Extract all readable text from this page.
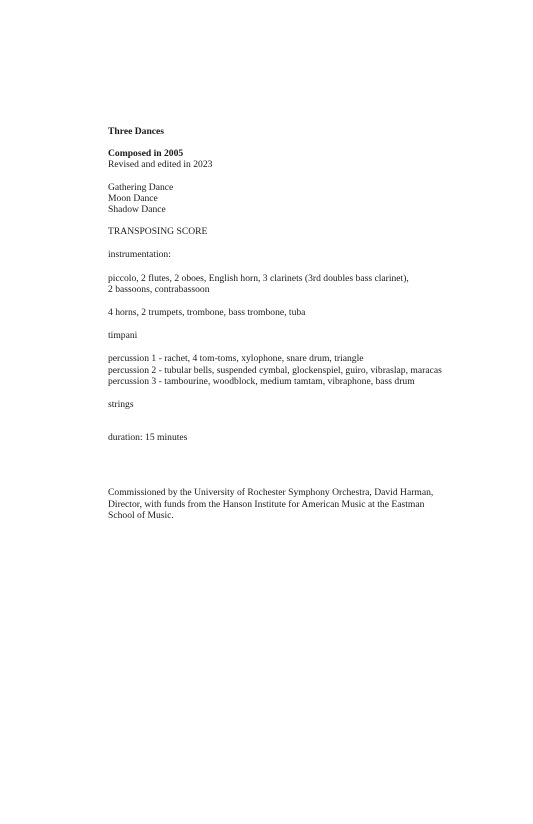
Three Dances
Composed in 2005
Revised and edited in 2023
Gathering Dance
Moon Dance
Shadow Dance
TRANSPOSING SCORE
instrumentation:
piccolo, 2 flutes, 2 oboes, English horn, 3 clarinets (3rd doubles bass clarinet),
2 bassoons, contrabassoon
4 horns, 2 trumpets, trombone, bass trombone, tuba
timpani
percussion 1 - rachet, 4 tom-toms, xylophone, snare drum, triangle
percussion 2 - tubular bells, suspended cymbal, glockenspiel, guiro, vibraslap, maracas
percussion 3 - tambourine, woodblock, medium tamtam, vibraphone, bass drum
strings
duration: 15 minutes
Commissioned by the University of Rochester Symphony Orchestra, David Harman,
Director, with funds from the Hanson Institute for American Music at the Eastman
School of Music.
